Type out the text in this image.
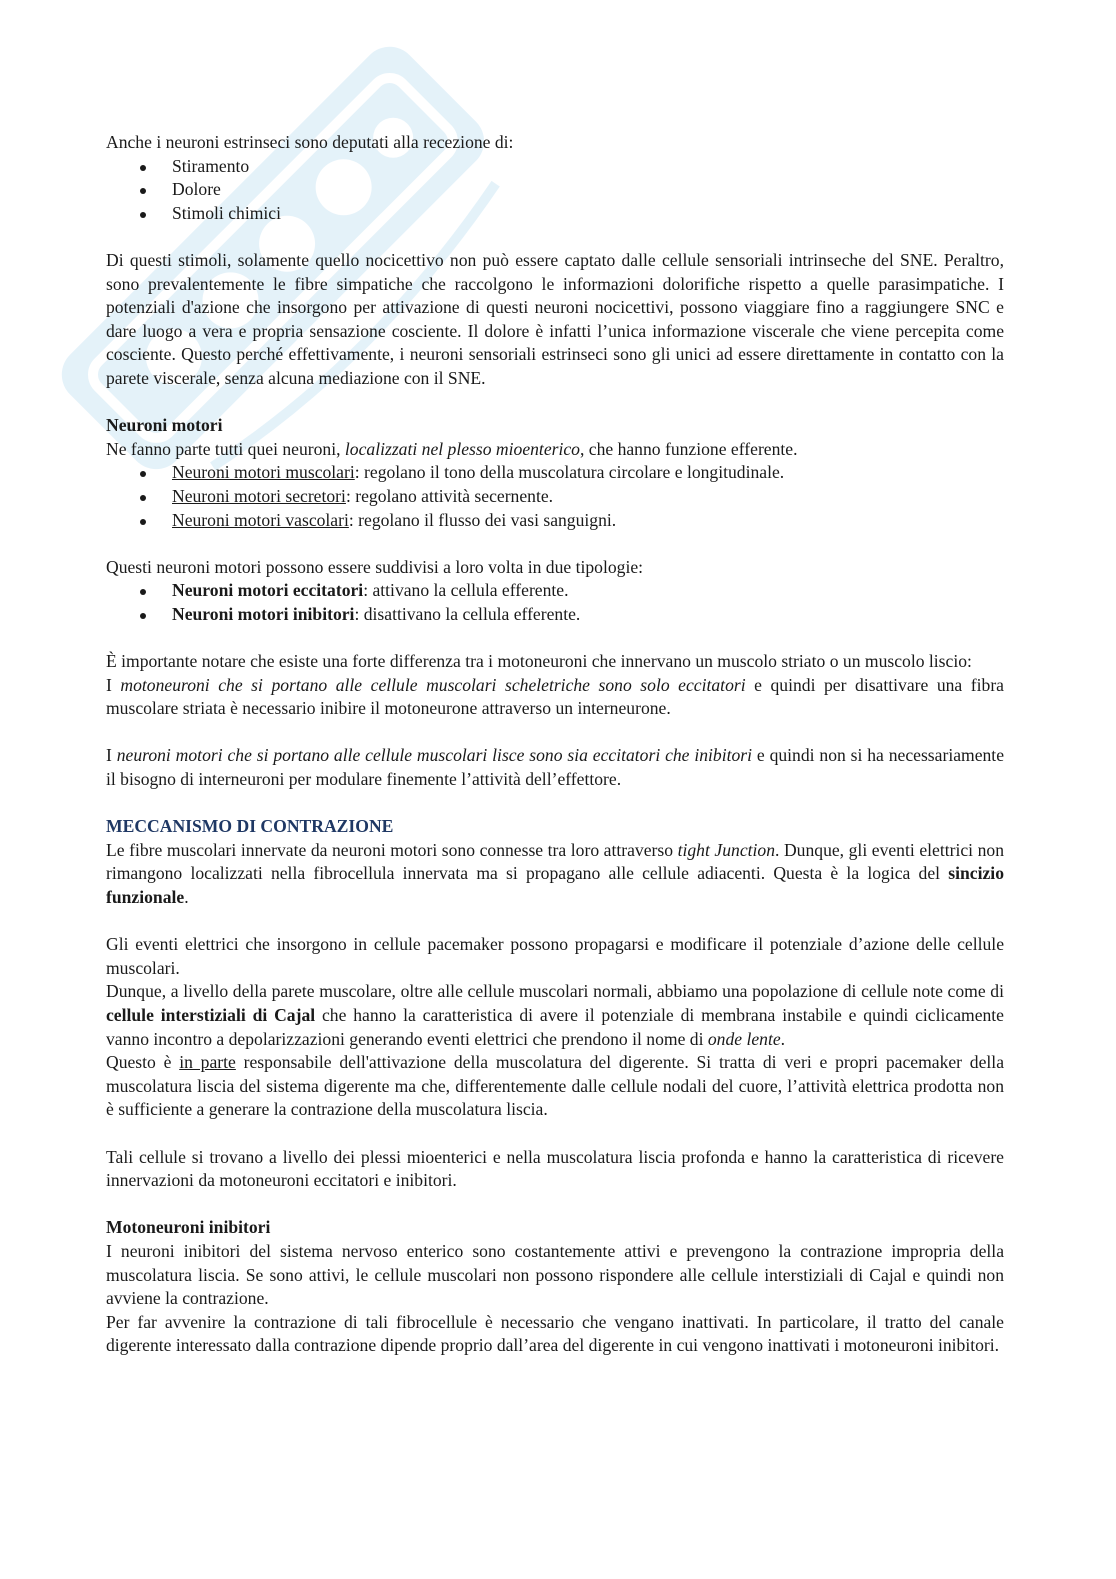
Anche i neuroni estrinseci sono deputati alla recezione di:

Stiramento
Dolore
Stimoli chimici

Di questi stimoli, solamente quello nocicettivo non può essere captato dalle cellule sensoriali intrinseche del SNE. Peraltro, sono prevalentemente le fibre simpatiche che raccolgono le informazioni dolorifiche rispetto a quelle parasimpatiche. I potenziali d'azione che insorgono per attivazione di questi neuroni nocicettivi, possono viaggiare fino a raggiungere SNC e dare luogo a vera e propria sensazione cosciente. Il dolore è infatti l’unica informazione viscerale che viene percepita come cosciente. Questo perché effettivamente, i neuroni sensoriali estrinseci sono gli unici ad essere direttamente in contatto con la parete viscerale, senza alcuna mediazione con il SNE.

Neuroni motori

Ne fanno parte tutti quei neuroni, localizzati nel plesso mioenterico, che hanno funzione efferente.

Neuroni motori muscolari: regolano il tono della muscolatura circolare e longitudinale.
Neuroni motori secretori: regolano attività secernente.
Neuroni motori vascolari: regolano il flusso dei vasi sanguigni.

Questi neuroni motori possono essere suddivisi a loro volta in due tipologie:

Neuroni motori eccitatori: attivano la cellula efferente.
Neuroni motori inibitori: disattivano la cellula efferente.

È importante notare che esiste una forte differenza tra i motoneuroni che innervano un muscolo striato o un muscolo liscio:

I motoneuroni che si portano alle cellule muscolari scheletriche sono solo eccitatori e quindi per disattivare una fibra muscolare striata è necessario inibire il motoneurone attraverso un interneurone.

I neuroni motori che si portano alle cellule muscolari lisce sono sia eccitatori che inibitori e quindi non si ha necessariamente il bisogno di interneuroni per modulare finemente l’attività dell’effettore.

MECCANISMO DI CONTRAZIONE

Le fibre muscolari innervate da neuroni motori sono connesse tra loro attraverso tight Junction. Dunque, gli eventi elettrici non rimangono localizzati nella fibrocellula innervata ma si propagano alle cellule adiacenti. Questa è la logica del sincizio funzionale.

Gli eventi elettrici che insorgono in cellule pacemaker possono propagarsi e modificare il potenziale d’azione delle cellule muscolari.

Dunque, a livello della parete muscolare, oltre alle cellule muscolari normali, abbiamo una popolazione di cellule note come di cellule interstiziali di Cajal che hanno la caratteristica di avere il potenziale di membrana instabile e quindi ciclicamente vanno incontro a depolarizzazioni generando eventi elettrici che prendono il nome di onde lente.

Questo è in parte responsabile dell'attivazione della muscolatura del digerente. Si tratta di veri e propri pacemaker della muscolatura liscia del sistema digerente ma che, differentemente dalle cellule nodali del cuore, l’attività elettrica prodotta non è sufficiente a generare la contrazione della muscolatura liscia.

Tali cellule si trovano a livello dei plessi mioenterici e nella muscolatura liscia profonda e hanno la caratteristica di ricevere innervazioni da motoneuroni eccitatori e inibitori.

Motoneuroni inibitori

I neuroni inibitori del sistema nervoso enterico sono costantemente attivi e prevengono la contrazione impropria della muscolatura liscia. Se sono attivi, le cellule muscolari non possono rispondere alle cellule interstiziali di Cajal e quindi non avviene la contrazione.

Per far avvenire la contrazione di tali fibrocellule è necessario che vengano inattivati. In particolare, il tratto del canale digerente interessato dalla contrazione dipende proprio dall’area del digerente in cui vengono inattivati i motoneuroni inibitori.
